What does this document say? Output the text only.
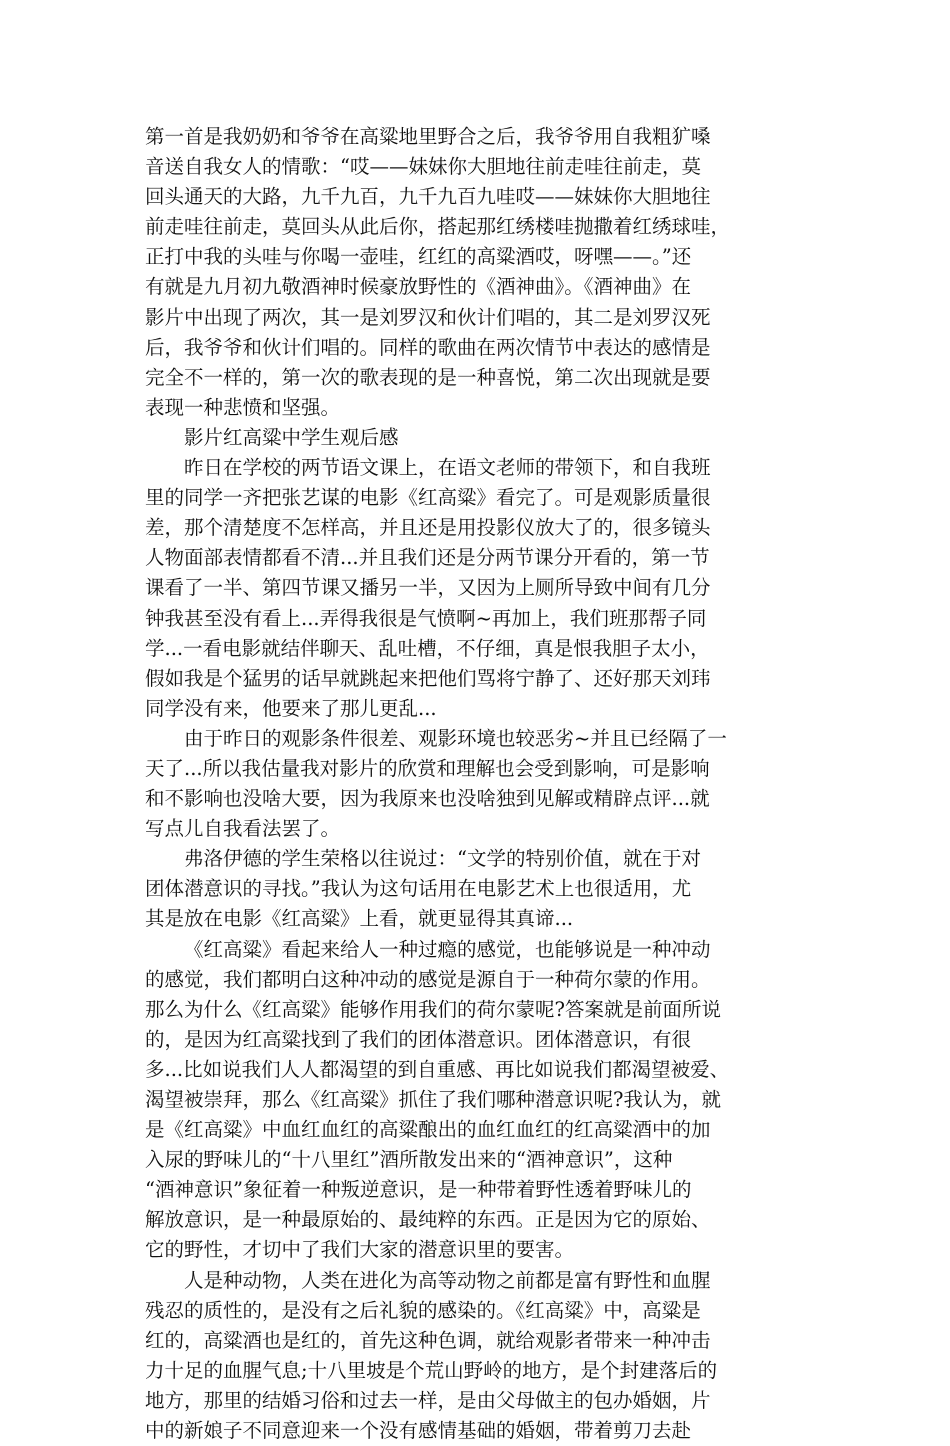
第一首是我奶奶和爷爷在高粱地里野合之后，我爷爷用自我粗犷嗓
音送自我女人的情歌：“哎——妹妹你大胆地往前走哇往前走，莫
回头通天的大路，九千九百，九千九百九哇哎——妹妹你大胆地往
前走哇往前走，莫回头从此后你，搭起那红绣楼哇抛撒着红绣球哇，
正打中我的头哇与你喝一壶哇，红红的高粱酒哎，呀嘿——。”还
有就是九月初九敬酒神时候豪放野性的《酒神曲》。《酒神曲》在
影片中出现了两次，其一是刘罗汉和伙计们唱的，其二是刘罗汉死
后，我爷爷和伙计们唱的。同样的歌曲在两次情节中表达的感情是
完全不一样的，第一次的歌表现的是一种喜悦，第二次出现就是要
表现一种悲愤和坚强。
影片红高粱中学生观后感
昨日在学校的两节语文课上，在语文老师的带领下，和自我班
里的同学一齐把张艺谋的电影《红高粱》看完了。可是观影质量很
差，那个清楚度不怎样高，并且还是用投影仪放大了的，很多镜头
人物面部表情都看不清...并且我们还是分两节课分开看的，第一节
课看了一半、第四节课又播另一半，又因为上厕所导致中间有几分
钟我甚至没有看上...弄得我很是气愤啊~再加上，我们班那帮子同
学...一看电影就结伴聊天、乱吐槽，不仔细，真是恨我胆子太小，
假如我是个猛男的话早就跳起来把他们骂将宁静了、还好那天刘玮
同学没有来，他要来了那儿更乱...
由于昨日的观影条件很差、观影环境也较恶劣~并且已经隔了一
天了...所以我估量我对影片的欣赏和理解也会受到影响，可是影响
和不影响也没啥大要，因为我原来也没啥独到见解或精辟点评...就
写点儿自我看法罢了。
弗洛伊德的学生荣格以往说过：“文学的特别价值，就在于对
团体潜意识的寻找。”我认为这句话用在电影艺术上也很适用，尤
其是放在电影《红高粱》上看，就更显得其真谛...
《红高粱》看起来给人一种过瘾的感觉，也能够说是一种冲动
的感觉，我们都明白这种冲动的感觉是源自于一种荷尔蒙的作用。
那么为什么《红高粱》能够作用我们的荷尔蒙呢?答案就是前面所说
的，是因为红高粱找到了我们的团体潜意识。团体潜意识，有很
多...比如说我们人人都渴望的到自重感、再比如说我们都渴望被爱、
渴望被崇拜，那么《红高粱》抓住了我们哪种潜意识呢?我认为，就
是《红高粱》中血红血红的高粱酿出的血红血红的红高粱酒中的加
入尿的野味儿的“十八里红”酒所散发出来的“酒神意识”，这种
“酒神意识”象征着一种叛逆意识，是一种带着野性透着野味儿的
解放意识，是一种最原始的、最纯粹的东西。正是因为它的原始、
它的野性，才切中了我们大家的潜意识里的要害。
人是种动物，人类在进化为高等动物之前都是富有野性和血腥
残忍的质性的，是没有之后礼貌的感染的。《红高粱》中，高粱是
红的，高粱酒也是红的，首先这种色调，就给观影者带来一种冲击
力十足的血腥气息;十八里坡是个荒山野岭的地方，是个封建落后的
地方，那里的结婚习俗和过去一样，是由父母做主的包办婚姻，片
中的新娘子不同意迎来一个没有感情基础的婚姻，带着剪刀去赴
